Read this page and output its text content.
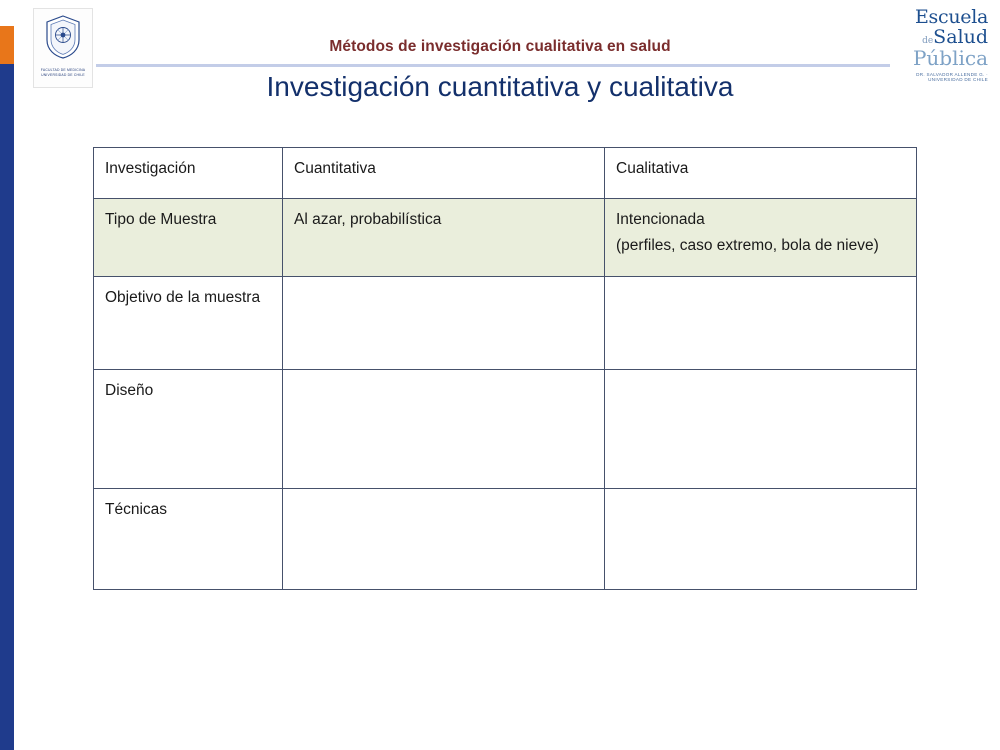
Métodos de investigación cualitativa en salud
Investigación cuantitativa y cualitativa
FACULTAD DE MEDICINA UNIVERSIDAD DE CHILE
Escuela
deSalud
Pública
DR. SALVADOR ALLENDE G. · UNIVERSIDAD DE CHILE
Investigación	Cuantitativa	Cualitativa
Tipo de Muestra	Al azar, probabilística	Intencionada
(perfiles, caso extremo, bola de nieve)

Objetivo de la muestra		
Diseño		
Técnicas		
